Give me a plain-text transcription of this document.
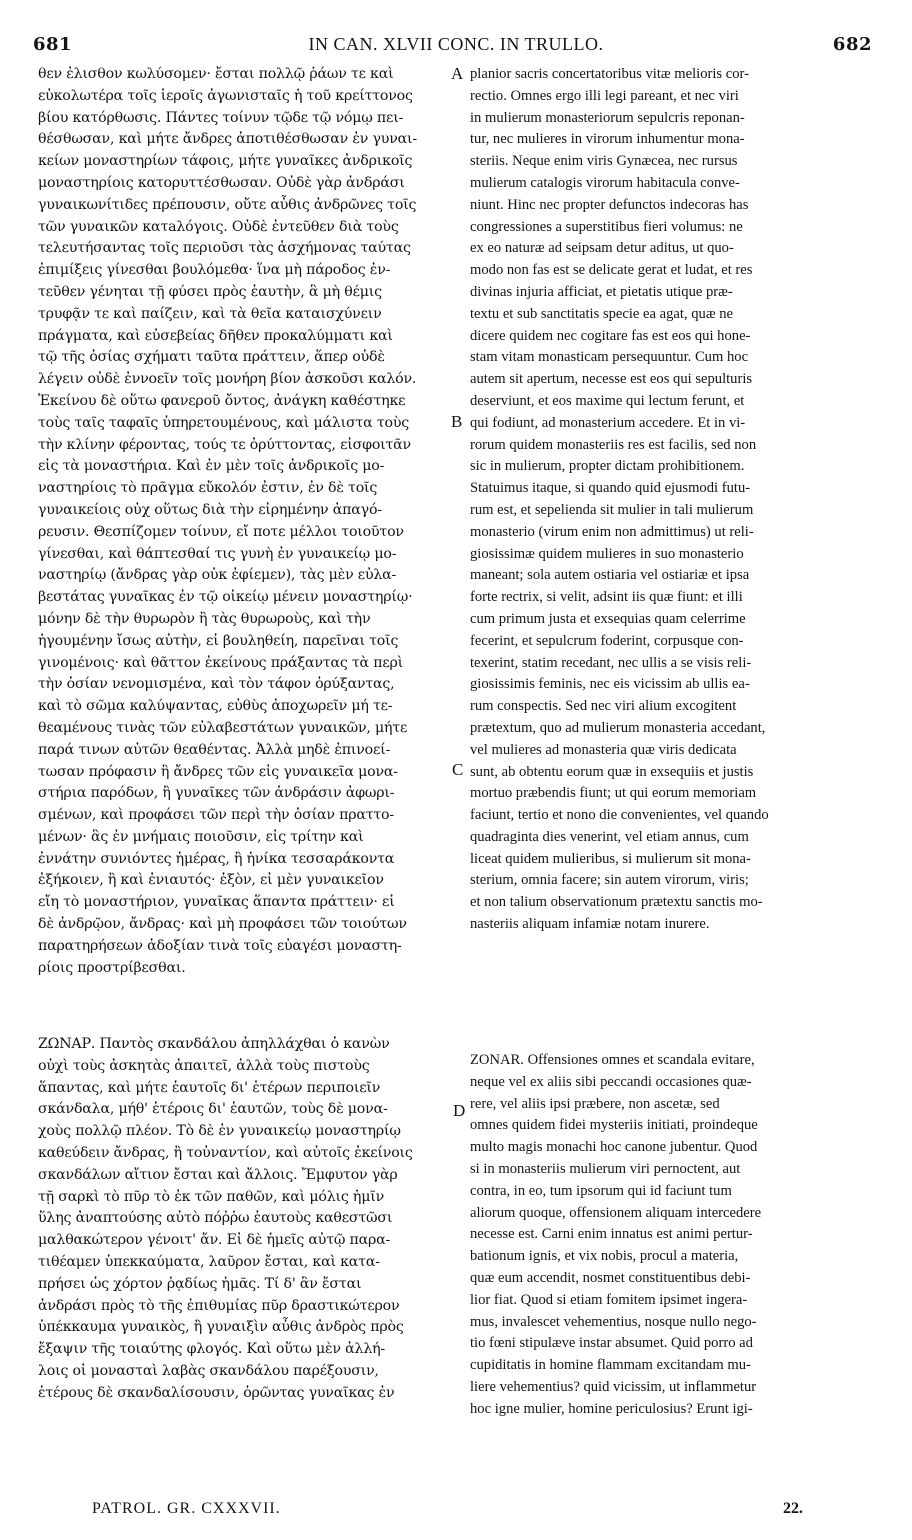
681	IN CAN. XLVII CONC. IN TRULLO.	682
θεν ἐλισθον κωλύσομεν· ἔσται πολλῷ ῥάων τε καὶ
εὐκολωτέρα τοῖς ἱεροῖς ἀγωνισταῖς ἡ τοῦ κρείττονος
βίου κατόρθωσις. Πάντες τοίνυν τῷδε τῷ νόμῳ πει-
θέσθωσαν, καὶ μήτε ἄνδρες ἀποτιθέσθωσαν ἐν γυναι-
κείων μοναστηρίων τάφοις, μήτε γυναῖκες ἀνδρικοῖς
μοναστηρίοις κατορυττέσθωσαν. Οὐδὲ γὰρ ἀνδράσι
γυναικωνίτιδες πρέπουσιν, οὔτε αὖθις ἀνδρῶνες τοῖς
τῶν γυναικῶν κατaλόγοις. Οὐδὲ ἐντεῦθεν διὰ τοὺς
τελευτήσαντας τοῖς περιοῦσι τὰς ἀσχήμονας ταύτας
ἐπιμίξεις γίνεσθαι βουλόμεθα· ἵνα μὴ πάροδος ἐν-
τεῦθεν γένηται τῇ φύσει πρὸς ἑαυτὴν, ἃ μὴ θέμις
τρυφᾷν τε καὶ παίζειν, καὶ τὰ θεῖα καταισχύνειν
πράγματα, καὶ εὐσεβείας δῆθεν προκαλύμματι καὶ
τῷ τῆς ὁσίας σχήματι ταῦτα πράττειν, ἅπερ οὐδὲ
λέγειν οὐδὲ ἐννοεῖν τοῖς μονήρη βίον ἀσκοῦσι καλόν.
Ἐκείνου δὲ οὕτω φανεροῦ ὄντος, ἀνάγκη καθέστηκε
τοὺς ταῖς ταφαῖς ὑπηρετουμένους, καὶ μάλιστα τοὺς
τὴν κλίνην φέροντας, τούς τε ὀρύττοντας, εἰσφοιτᾶν
εἰς τὰ μοναστήρια. Καὶ ἐν μὲν τοῖς ἀνδρικοῖς μο-
ναστηρίοις τὸ πρᾶγμα εὔκολόν ἐστιν, ἐν δὲ τοῖς
γυναικείοις οὐχ οὕτως διὰ τὴν εἰρημένην ἀπαγό-
ρευσιν. Θεσπίζομεν τοίνυν, εἴ ποτε μέλλοι τοιοῦτον
γίνεσθαι, καὶ θάπτεσθαί τις γυνὴ ἐν γυναικείῳ μο-
ναστηρίῳ (ἄνδρας γὰρ οὐκ ἐφίεμεν), τὰς μὲν εὐλα-
βεστάτας γυναῖκας ἐν τῷ οἰκείῳ μένειν μοναστηρίῳ·
μόνην δὲ τὴν θυρωρὸν ἢ τὰς θυρωροὺς, καὶ τὴν
ἡγουμένην ἴσως αὐτὴν, εἰ βουληθείη, παρεῖναι τοῖς
γινομένοις· καὶ θᾶττον ἐκείνους πράξαντας τὰ περὶ
τὴν ὁσίαν νενομισμένα, καὶ τὸν τάφον ὀρύξαντας,
καὶ τὸ σῶμα καλύψαντας, εὐθὺς ἀποχωρεῖν μή τε-
θεαμένους τινὰς τῶν εὐλαβεστάτων γυναικῶν, μήτε
παρά τινων αὐτῶν θεαθέντας. Ἀλλὰ μηδὲ ἐπινοεί-
τωσαν πρόφασιν ἢ ἄνδρες τῶν εἰς γυναικεῖα μονα-
στήρια παρόδων, ἢ γυναῖκες τῶν ἀνδράσιν ἀφωρι-
σμένων, καὶ προφάσει τῶν περὶ τὴν ὁσίαν πραττο-
μένων· ἃς ἐν μνήμαις ποιοῦσιν, εἰς τρίτην καὶ
ἐννάτην συνιόντες ἡμέρας, ἢ ἡνίκα τεσσαράκοντα
ἐξήκοιεν, ἢ καὶ ἐνιαυτός· ἐξὸν, εἰ μὲν γυναικεῖον
εἴη τὸ μοναστήριον, γυναῖκας ἅπαντα πράττειν· εἰ
δὲ ἀνδρῷον, ἄνδρας· καὶ μὴ προφάσει τῶν τοιούτων
παρατηρήσεων ἀδοξίαν τινὰ τοῖς εὐαγέσι μοναστη-
ρίοις προστρίβεσθαι.
planior sacris concertatoribus vitæ melioris cor-
rectio. Omnes ergo illi legi pareant, et nec viri
in mulierum monasteriorum sepulcris reponan-
tur, nec mulieres in virorum inhumentur mona-
steriis. Neque enim viris Gynæcea, nec rursus
mulierum catalogis virorum habitacula conve-
niunt. Hinc nec propter defunctos indecoras has
congressiones a superstitibus fieri volumus: ne
ex eo naturæ ad seipsam detur aditus, ut quo-
modo non fas est se delicate gerat et ludat, et res
divinas injuria afficiat, et pietatis utique præ-
textu et sub sanctitatis specie ea agat, quæ ne
dicere quidem nec cogitare fas est eos qui hone-
stam vitam monasticam persequuntur. Cum hoc
autem sit apertum, necesse est eos qui sepulturis
deserviunt, et eos maxime qui lectum ferunt, et
qui fodiunt, ad monasterium accedere. Et in vi-
rorum quidem monasteriis res est facilis, sed non
sic in mulierum, propter dictam prohibitionem.
Statuimus itaque, si quando quid ejusmodi futu-
rum est, et sepelienda sit mulier in tali mulierum
monasterio (virum enim non admittimus) ut reli-
giosissimæ quidem mulieres in suo monasterio
maneant; sola autem ostiaria vel ostiariæ et ipsa
forte rectrix, si velit, adsint iis quæ fiunt: et illi
cum primum justa et exsequias quam celerrime
fecerint, et sepulcrum foderint, corpusque con-
texerint, statim recedant, nec ullis a se visis reli-
giosissimis feminis, nec eis vicissim ab ullis ea-
rum conspectis. Sed nec viri alium excogitent
prætextum, quo ad mulierum monasteria accedant,
vel mulieres ad monasteria quæ viris dedicata
sunt, ab obtentu eorum quæ in exsequiis et justis
mortuo præbendis fiunt; ut qui eorum memoriam
faciunt, tertio et nono die convenientes, vel quando
quadraginta dies venerint, vel etiam annus, cum
liceat quidem mulieribus, si mulierum sit mona-
sterium, omnia facere; sin autem virorum, viris;
et non talium observationum prætextu sanctis mo-
nasteriis aliquam infamiæ notam inurere.
ΖΩΝΑΡ. Παντὸς σκανδάλου ἀπηλλάχθαι ὁ κανὼν
οὐχὶ τοὺς ἀσκητὰς ἀπαιτεῖ, ἀλλὰ τοὺς πιστοὺς
ἅπαντας, καὶ μήτε ἑαυτοῖς δι' ἑτέρων περιποιεῖν
σκάνδαλα, μήθ' ἑτέροις δι' ἑαυτῶν, τοὺς δὲ μονα-
χοὺς πολλῷ πλέον. Τὸ δὲ ἐν γυναικείῳ μοναστηρίῳ
καθεύδειν ἄνδρας, ἢ τοὐναντίον, καὶ αὐτοῖς ἐκείνοις
σκανδάλων αἴτιον ἔσται καὶ ἄλλοις. Ἔμφυτον γὰρ
τῇ σαρκὶ τὸ πῦρ τὸ ἐκ τῶν παθῶν, καὶ μόλις ἡμῖν
ὕλης ἀναπτούσης αὐτὸ πόῤῥω ἑαυτοὺς καθεστῶσι
μαλθακώτερον γένοιτ' ἄν. Εἰ δὲ ἡμεῖς αὐτῷ παρα-
τιθέαμεν ὑπεκκαύματα, λαῦρον ἔσται, καὶ κατα-
πρήσει ὡς χόρτον ῥᾳδίως ἡμᾶς. Τί δ' ἂν ἔσται
ἀνδράσι πρὸς τὸ τῆς ἐπιθυμίας πῦρ δραστικώτερον
ὑπέκκαυμα γυναικὸς, ἢ γυναιξὶν αὖθις ἀνδρὸς πρὸς
ἔξαψιν τῆς τοιαύτης φλογός. Καὶ οὕτω μὲν ἀλλή-
λοις οἱ μονασταὶ λαβὰς σκανδάλου παρέξουσιν,
ἑτέρους δὲ σκανδαλίσουσιν, ὁρῶντας γυναῖκας ἐν
ZONAR. Offensiones omnes et scandala evitare,
neque vel ex aliis sibi peccandi occasiones quæ-
rere, vel aliis ipsi præbere, non ascetæ, sed
omnes quidem fidei mysteriis initiati, proindeque
multo magis monachi hoc canone jubentur. Quod
si in monasteriis mulierum viri pernoctent, aut
contra, in eo, tum ipsorum qui id faciunt tum
aliorum quoque, offensionem aliquam intercedere
necesse est. Carni enim innatus est animi pertur-
bationum ignis, et vix nobis, procul a materia,
quæ eum accendit, nosmet constituentibus debi-
lior fiat. Quod si etiam fomitem ipsimet ingera-
mus, invalescet vehementius, nosque nullo nego-
tio fœni stipulæve instar absumet. Quid porro ad
cupiditatis in homine flammam excitandam mu-
liere vehementius? quid vicissim, ut inflammetur
hoc igne mulier, homine periculosius? Erunt igi-
A
B
C
D
PATROL. GR. CXXXVII.	22.
